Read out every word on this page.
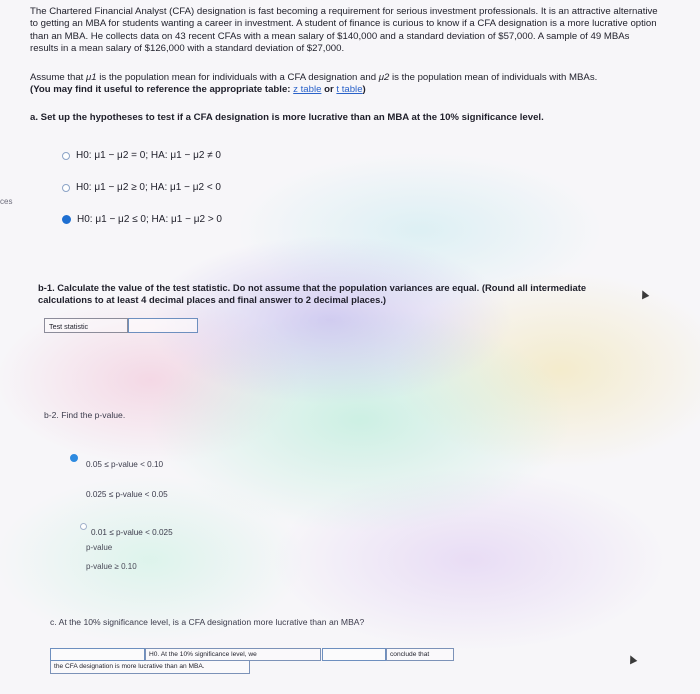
ces
The Chartered Financial Analyst (CFA) designation is fast becoming a requirement for serious investment professionals. It is an attractive alternative to getting an MBA for students wanting a career in investment. A student of finance is curious to know if a CFA designation is a more lucrative option than an MBA. He collects data on 43 recent CFAs with a mean salary of $140,000 and a standard deviation of $57,000. A sample of 49 MBAs results in a mean salary of $126,000 with a standard deviation of $27,000.
Assume that μ1 is the population mean for individuals with a CFA designation and μ2 is the population mean of individuals with MBAs.
(You may find it useful to reference the appropriate table: z table or t table)
a. Set up the hypotheses to test if a CFA designation is more lucrative than an MBA at the 10% significance level.
H0: μ1 − μ2 = 0; HA: μ1 − μ2 ≠ 0
H0: μ1 − μ2 ≥ 0; HA: μ1 − μ2 < 0
H0: μ1 − μ2 ≤ 0; HA: μ1 − μ2 > 0
b-1. Calculate the value of the test statistic. Do not assume that the population variances are equal. (Round all intermediate calculations to at least 4 decimal places and final answer to 2 decimal places.)
Test statistic
b-2. Find the p-value.
0.05 ≤ p-value < 0.10
0.025 ≤ p-value < 0.05
0.01 ≤ p-value < 0.025
p-value
p-value ≥ 0.10
c. At the 10% significance level, is a CFA designation more lucrative than an MBA?
H0. At the 10% significance level, we	conclude that
the CFA designation is more lucrative than an MBA.
